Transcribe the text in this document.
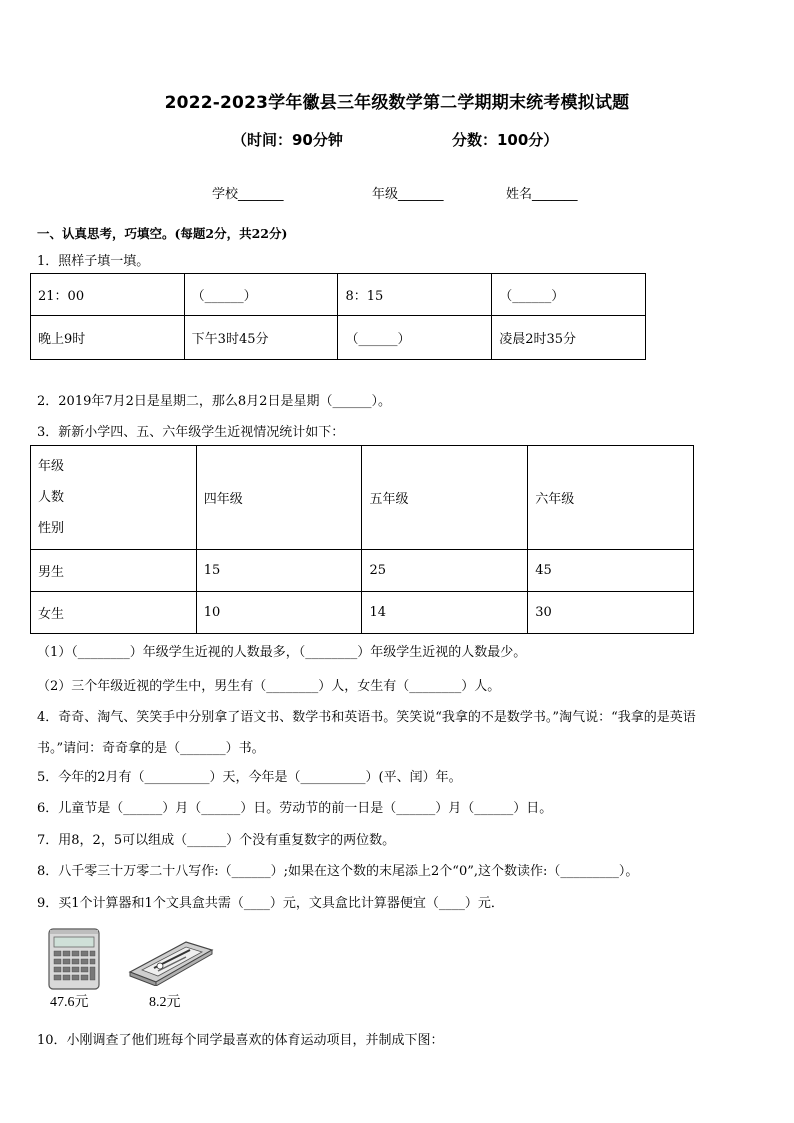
2022-2023学年徽县三年级数学第二学期期末统考模拟试题
（时间：90分钟	分数：100分）
学校_______	年级_______	姓名_______
一、认真思考，巧填空。(每题2分，共22分)
1．照样子填一填。
21：00	（______）	8：15	（______）
晚上9时	下午3时45分	（______）	凌晨2时35分
2．2019年7月2日是星期二，那么8月2日是星期（______）。
3．新新小学四、五、六年级学生近视情况统计如下：
年级
人数
性别	四年级	五年级	六年级
男生	15	25	45
女生	10	14	30
（1）（________）年级学生近视的人数最多，（________）年级学生近视的人数最少。
（2）三个年级近视的学生中，男生有（________）人，女生有（________）人。
4．奇奇、淘气、笑笑手中分别拿了语文书、数学书和英语书。笑笑说“我拿的不是数学书。”淘气说：“我拿的是英语
书。”请问：奇奇拿的是（_______）书。
5．今年的2月有（__________）天，今年是（__________）(平、闰）年。
6．儿童节是（______）月（______）日。劳动节的前一日是（______）月（______）日。
7．用8，2，5可以组成（______）个没有重复数字的两位数。
8．八千零三十万零二十八写作:（______）;如果在这个数的末尾添上2个“0”,这个数读作:（_________）。
9．买1个计算器和1个文具盒共需（____）元，文具盒比计算器便宜（____）元．
47.6元	8.2元
10．小刚调查了他们班每个同学最喜欢的体育运动项目，并制成下图：
